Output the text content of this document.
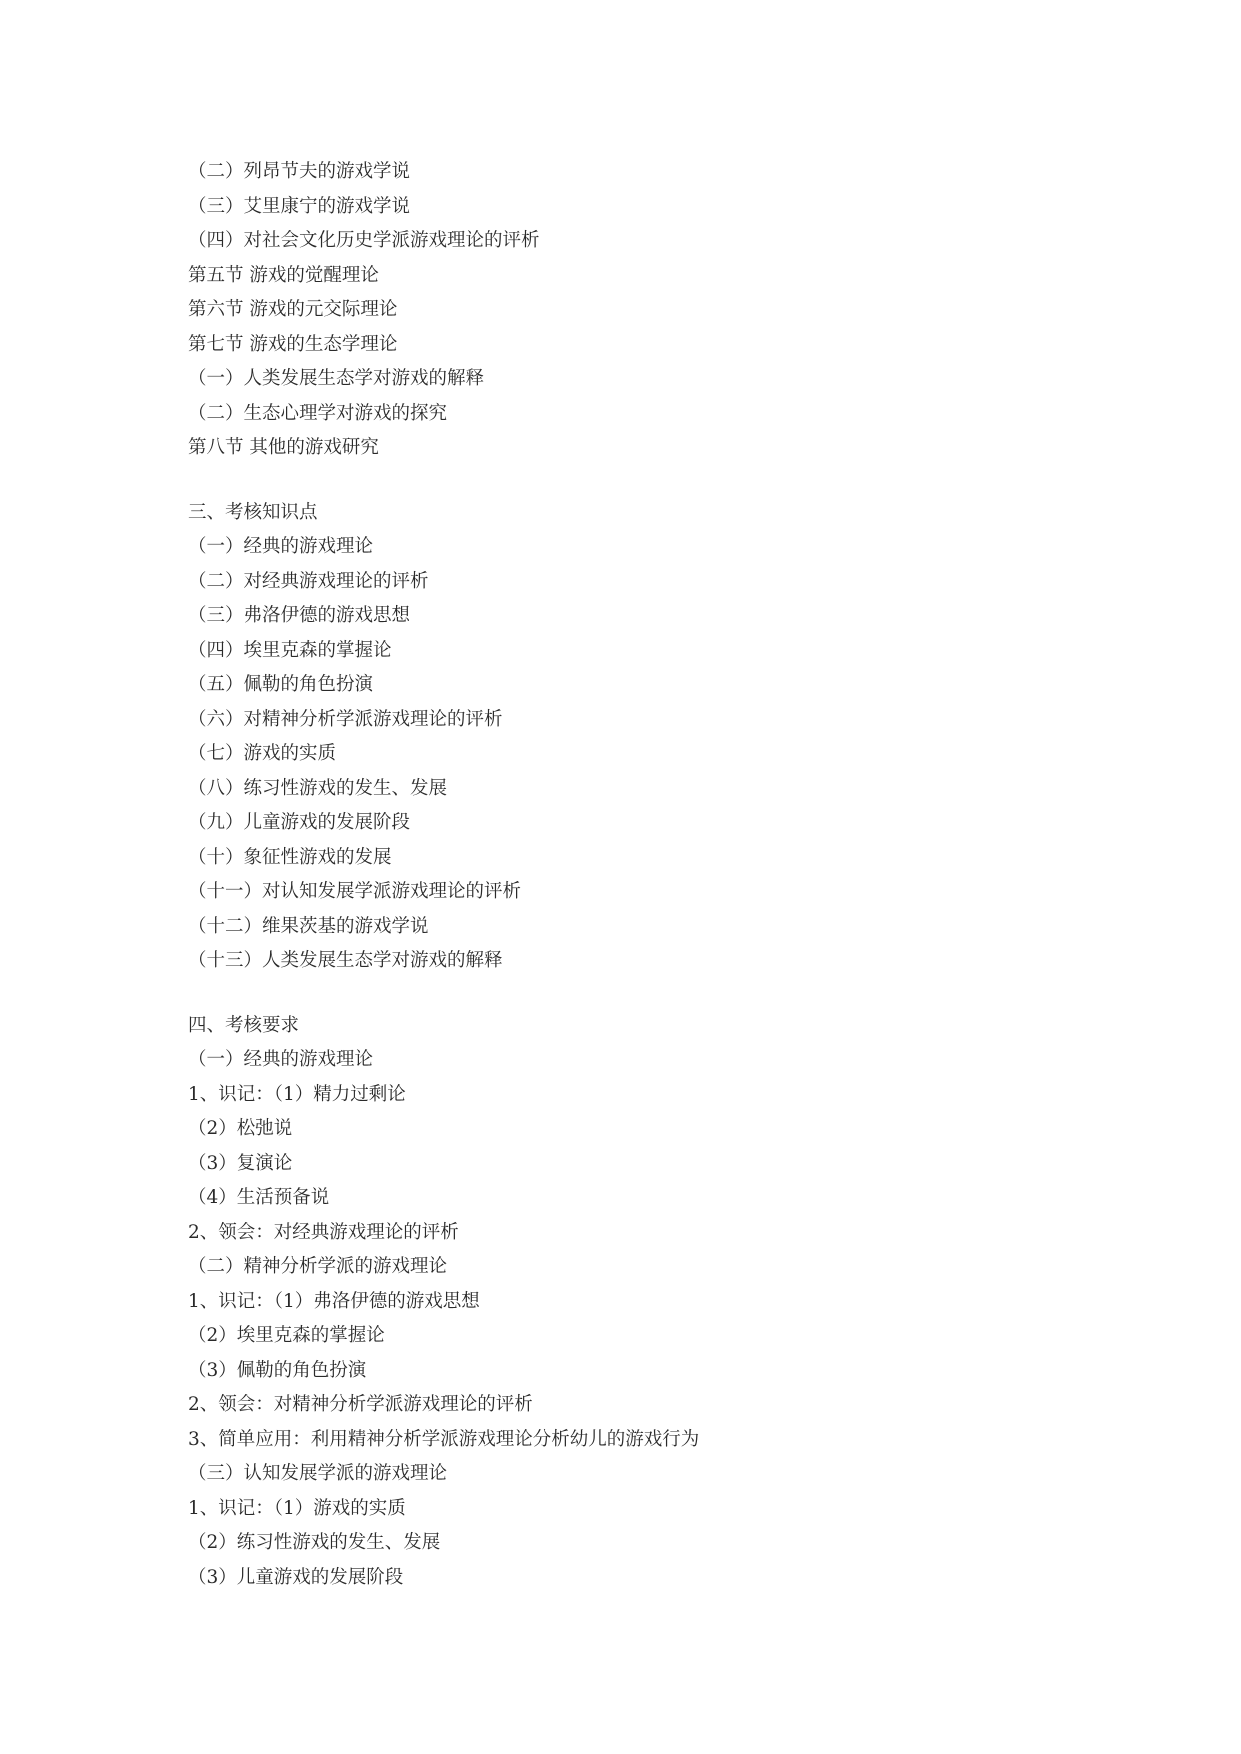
（二）列昂节夫的游戏学说
（三）艾里康宁的游戏学说
（四）对社会文化历史学派游戏理论的评析
第五节 游戏的觉醒理论
第六节 游戏的元交际理论
第七节 游戏的生态学理论
（一）人类发展生态学对游戏的解释
（二）生态心理学对游戏的探究
第八节 其他的游戏研究
三、考核知识点
（一）经典的游戏理论
（二）对经典游戏理论的评析
（三）弗洛伊德的游戏思想
（四）埃里克森的掌握论
（五）佩勒的角色扮演
（六）对精神分析学派游戏理论的评析
（七）游戏的实质
（八）练习性游戏的发生、发展
（九）儿童游戏的发展阶段
（十）象征性游戏的发展
（十一）对认知发展学派游戏理论的评析
（十二）维果茨基的游戏学说
（十三）人类发展生态学对游戏的解释
四、考核要求
（一）经典的游戏理论
1、识记：（1）精力过剩论
（2）松弛说
（3）复演论
（4）生活预备说
2、领会：对经典游戏理论的评析
（二）精神分析学派的游戏理论
1、识记：（1）弗洛伊德的游戏思想
（2）埃里克森的掌握论
（3）佩勒的角色扮演
2、领会：对精神分析学派游戏理论的评析
3、简单应用：利用精神分析学派游戏理论分析幼儿的游戏行为
（三）认知发展学派的游戏理论
1、识记：（1）游戏的实质
（2）练习性游戏的发生、发展
（3）儿童游戏的发展阶段
